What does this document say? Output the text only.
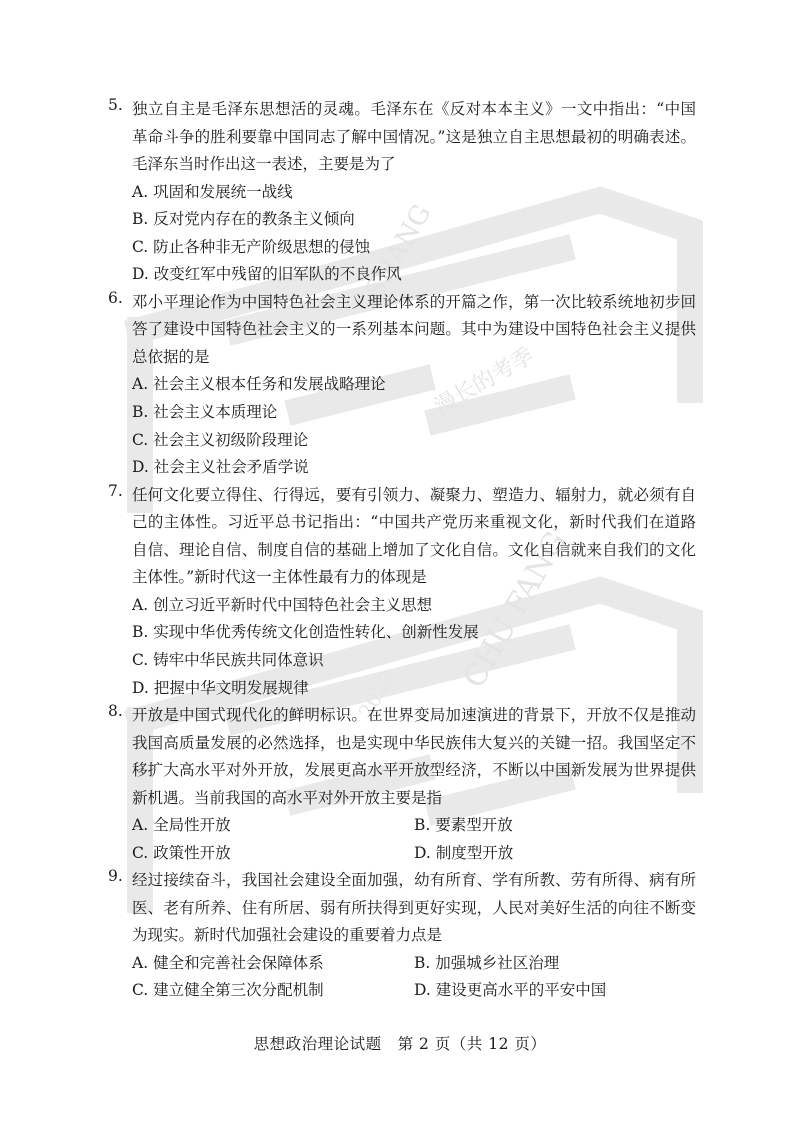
SHANG
CHU FANG
2022
漫长的考季
5. 独立自主是毛泽东思想活的灵魂。毛泽东在《反对本本主义》一文中指出：“中国革命斗争的胜利要靠中国同志了解中国情况。”这是独立自主思想最初的明确表述。毛泽东当时作出这一表述，主要是为了
A. 巩固和发展统一战线
B. 反对党内存在的教条主义倾向
C. 防止各种非无产阶级思想的侵蚀
D. 改变红军中残留的旧军队的不良作风
6. 邓小平理论作为中国特色社会主义理论体系的开篇之作，第一次比较系统地初步回答了建设中国特色社会主义的一系列基本问题。其中为建设中国特色社会主义提供总依据的是
A. 社会主义根本任务和发展战略理论
B. 社会主义本质理论
C. 社会主义初级阶段理论
D. 社会主义社会矛盾学说
7. 任何文化要立得住、行得远，要有引领力、凝聚力、塑造力、辐射力，就必须有自己的主体性。习近平总书记指出：“中国共产党历来重视文化，新时代我们在道路自信、理论自信、制度自信的基础上增加了文化自信。文化自信就来自我们的文化主体性。”新时代这一主体性最有力的体现是
A. 创立习近平新时代中国特色社会主义思想
B. 实现中华优秀传统文化创造性转化、创新性发展
C. 铸牢中华民族共同体意识
D. 把握中华文明发展规律
8. 开放是中国式现代化的鲜明标识。在世界变局加速演进的背景下，开放不仅是推动我国高质量发展的必然选择，也是实现中华民族伟大复兴的关键一招。我国坚定不移扩大高水平对外开放，发展更高水平开放型经济，不断以中国新发展为世界提供新机遇。当前我国的高水平对外开放主要是指
A. 全局性开放	B. 要素型开放
C. 政策性开放	D. 制度型开放
9. 经过接续奋斗，我国社会建设全面加强，幼有所育、学有所教、劳有所得、病有所医、老有所养、住有所居、弱有所扶得到更好实现，人民对美好生活的向往不断变为现实。新时代加强社会建设的重要着力点是
A. 健全和完善社会保障体系	B. 加强城乡社区治理
C. 建立健全第三次分配机制	D. 建设更高水平的平安中国
思想政治理论试题　第 2 页（共 12 页）
